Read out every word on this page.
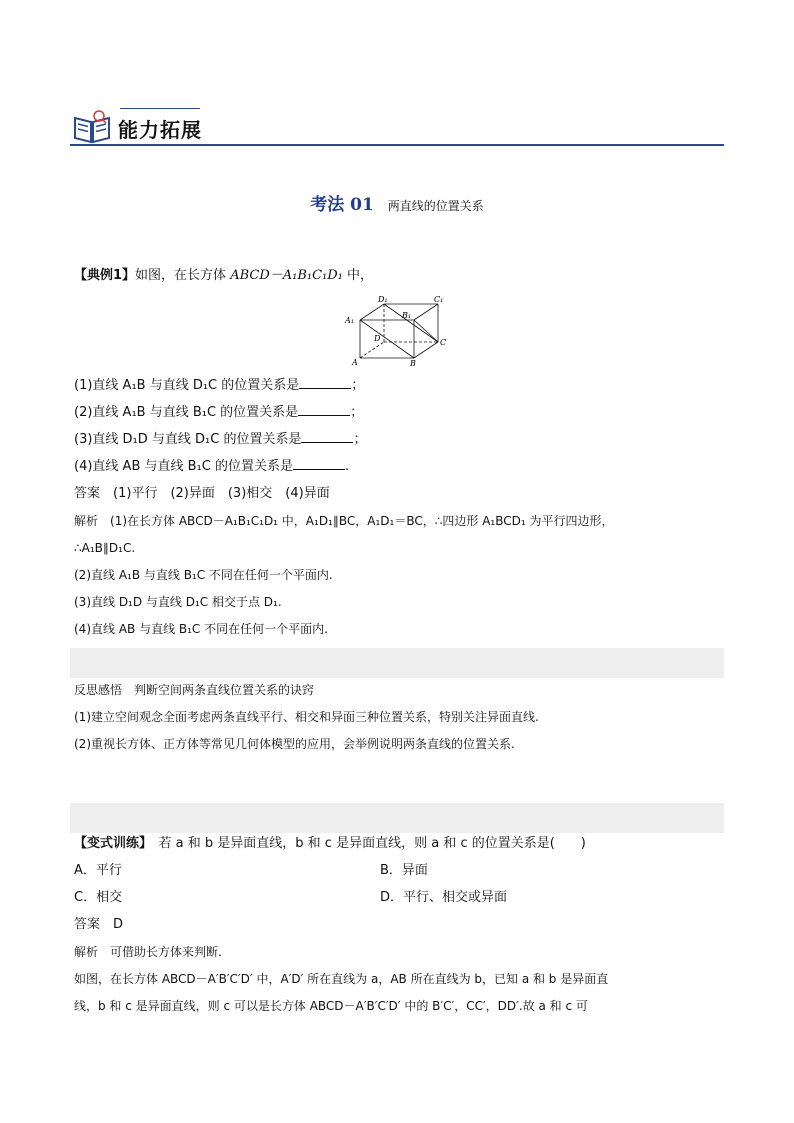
能力拓展
考法 01 两直线的位置关系
【典例1】如图，在长方体 ABCD－A₁B₁C₁D₁ 中，
D₁	C₁
A₁
B₁
D	C
A	B
(1)直线 A₁B 与直线 D₁C 的位置关系是	；
(2)直线 A₁B 与直线 B₁C 的位置关系是	；
(3)直线 D₁D 与直线 D₁C 的位置关系是	；
(4)直线 AB 与直线 B₁C 的位置关系是	.
答案　 (1)平行　(2)异面　(3)相交　(4)异面
解析　 (1)在长方体 ABCD－A₁B₁C₁D₁ 中，A₁D₁∥BC，A₁D₁＝BC，∴四边形 A₁BCD₁ 为平行四边形，
∴A₁B∥D₁C.
(2)直线 A₁B 与直线 B₁C 不同在任何一个平面内.
(3)直线 D₁D 与直线 D₁C 相交于点 D₁.
(4)直线 AB 与直线 B₁C 不同在任何一个平面内.
反思感悟　 判断空间两条直线位置关系的诀窍
(1)建立空间观念全面考虑两条直线平行、相交和异面三种位置关系，特别关注异面直线.
(2)重视长方体、正方体等常见几何体模型的应用，会举例说明两条直线的位置关系.
【变式训练】　 若 a 和 b 是异面直线，b 和 c 是异面直线，则 a 和 c 的位置关系是(　　)
A．平行	B．异面
C．相交	D．平行、相交或异面
答案　 D
解析　 可借助长方体来判断.
如图，在长方体 ABCD－A′B′C′D′ 中，A′D′ 所在直线为 a，AB 所在直线为 b，已知 a 和 b 是异面直
线，b 和 c 是异面直线，则 c 可以是长方体 ABCD－A′B′C′D′ 中的 B′C′，CC′，DD′.故 a 和 c 可
